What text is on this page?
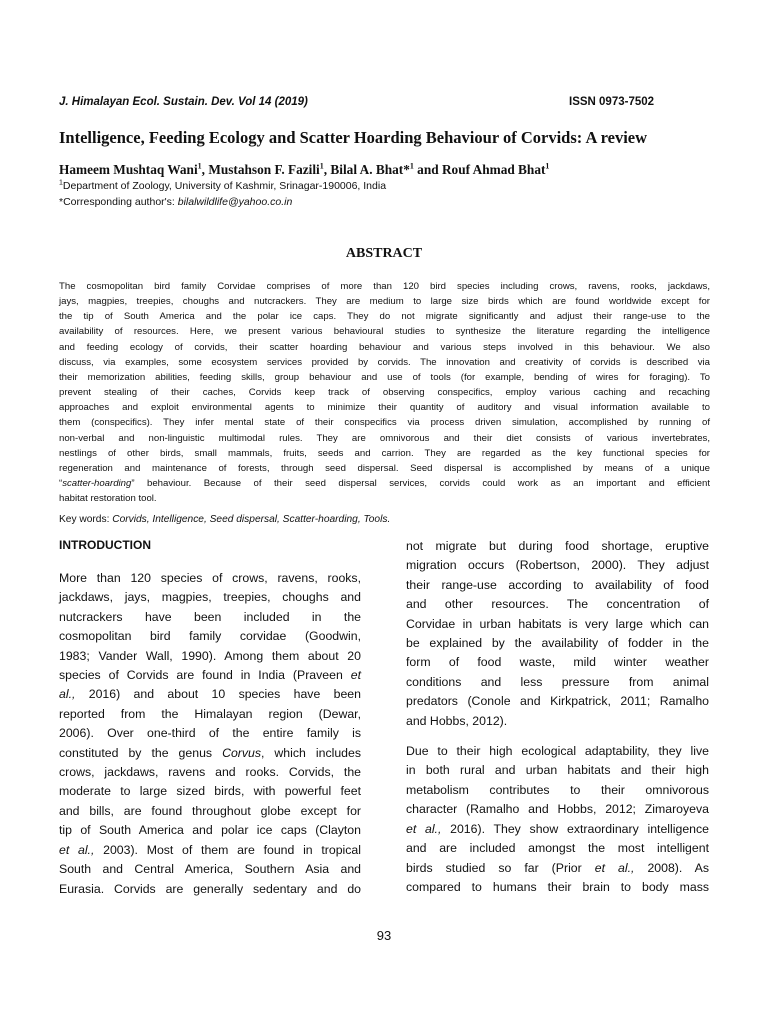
J. Himalayan Ecol. Sustain. Dev. Vol 14 (2019)	ISSN 0973-7502
Intelligence, Feeding Ecology and Scatter Hoarding Behaviour of Corvids: A review
Hameem Mushtaq Wani$^1$, Mustahson F. Fazili$^1$, Bilal A. Bhat*$^1$ and Rouf Ahmad Bhat$^1$
$^1$Department of Zoology, University of Kashmir, Srinagar-190006, India
*Corresponding author's: bilalwildlife@yahoo.co.in
ABSTRACT
The cosmopolitan bird family Corvidae comprises of more than 120 bird species including crows, ravens, rooks, jackdaws,
jays, magpies, treepies, choughs and nutcrackers. They are medium to large size birds which are found worldwide except for
the tip of South America and the polar ice caps. They do not migrate significantly and adjust their range-use to the
availability of resources. Here, we present various behavioural studies to synthesize the literature regarding the intelligence
and feeding ecology of corvids, their scatter hoarding behaviour and various steps involved in this behaviour. We also
discuss, via examples, some ecosystem services provided by corvids. The innovation and creativity of corvids is described via
their memorization abilities, feeding skills, group behaviour and use of tools (for example, bending of wires for foraging). To
prevent stealing of their caches, Corvids keep track of observing conspecifics, employ various caching and recaching
approaches and exploit environmental agents to minimize their quantity of auditory and visual information available to
them (conspecifics). They infer mental state of their conspecifics via process driven simulation, accomplished by running of
non-verbal and non-linguistic multimodal rules. They are omnivorous and their diet consists of various invertebrates,
nestlings of other birds, small mammals, fruits, seeds and carrion. They are regarded as the key functional species for
regeneration and maintenance of forests, through seed dispersal. Seed dispersal is accomplished by means of a unique
“scatter-hoarding” behaviour. Because of their seed dispersal services, corvids could work as an important and efficient
habitat restoration tool.
Key words: Corvids, Intelligence, Seed dispersal, Scatter-hoarding, Tools.
INTRODUCTION
More than 120 species of crows, ravens, rooks,
jackdaws, jays, magpies, treepies, choughs and
nutcrackers have been included in the
cosmopolitan bird family corvidae (Goodwin,
1983; Vander Wall, 1990). Among them about 20
species of Corvids are found in India (Praveen et
al., 2016) and about 10 species have been
reported from the Himalayan region (Dewar,
2006). Over one-third of the entire family is
constituted by the genus Corvus, which includes
crows, jackdaws, ravens and rooks. Corvids, the
moderate to large sized birds, with powerful feet
and bills, are found throughout globe except for
tip of South America and polar ice caps (Clayton
et al., 2003). Most of them are found in tropical
South and Central America, Southern Asia and
Eurasia. Corvids are generally sedentary and do
not migrate but during food shortage, eruptive
migration occurs (Robertson, 2000). They adjust
their range-use according to availability of food
and other resources. The concentration of
Corvidae in urban habitats is very large which can
be explained by the availability of fodder in the
form of food waste, mild winter weather
conditions and less pressure from animal
predators (Conole and Kirkpatrick, 2011; Ramalho
and Hobbs, 2012).
Due to their high ecological adaptability, they live
in both rural and urban habitats and their high
metabolism contributes to their omnivorous
character (Ramalho and Hobbs, 2012; Zimaroyeva
et al., 2016). They show extraordinary intelligence
and are included amongst the most intelligent
birds studied so far (Prior et al., 2008). As
compared to humans their brain to body mass
93
